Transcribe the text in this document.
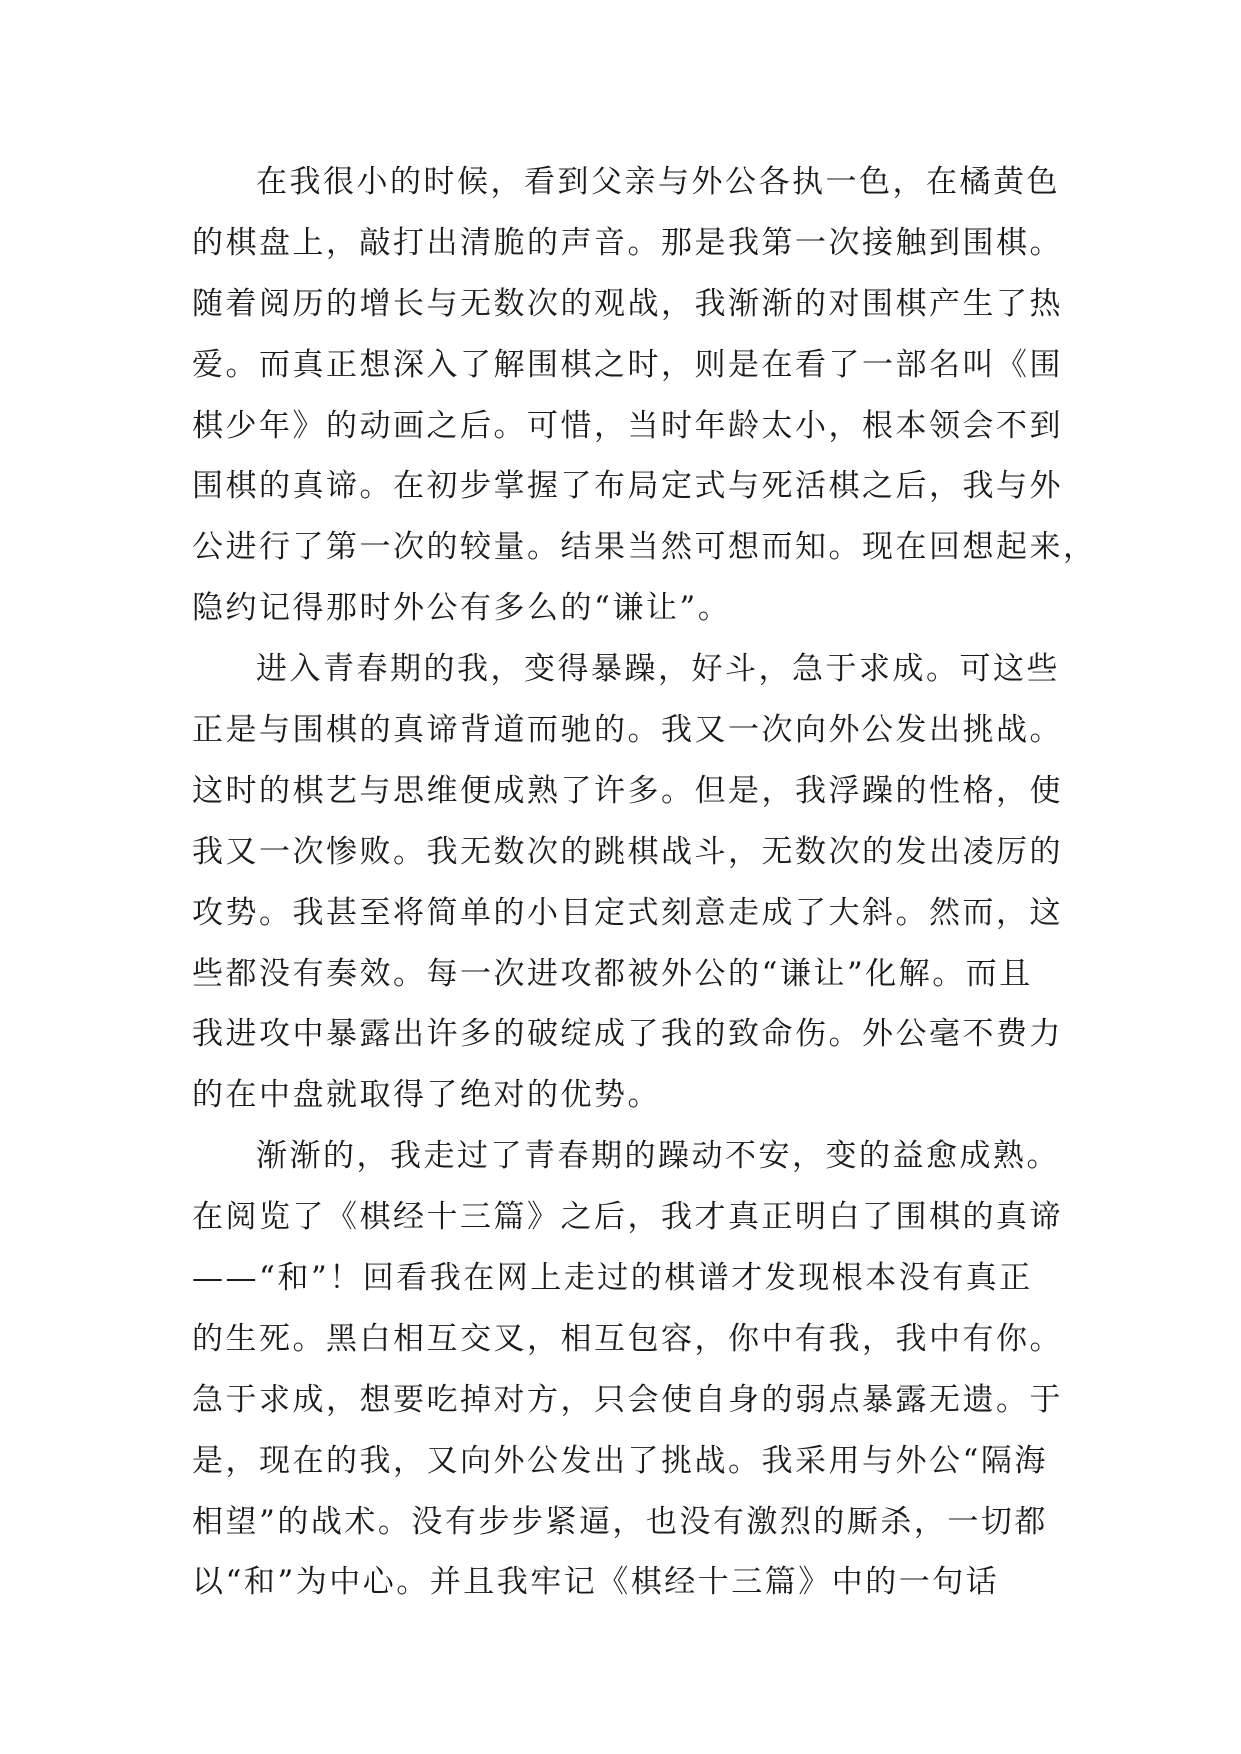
在我很小的时候，看到父亲与外公各执一色，在橘黄色
的棋盘上，敲打出清脆的声音。那是我第一次接触到围棋。
随着阅历的增长与无数次的观战，我渐渐的对围棋产生了热
爱。而真正想深入了解围棋之时，则是在看了一部名叫《围
棋少年》的动画之后。可惜，当时年龄太小，根本领会不到
围棋的真谛。在初步掌握了布局定式与死活棋之后，我与外
公进行了第一次的较量。结果当然可想而知。现在回想起来，
隐约记得那时外公有多么的“谦让”。
进入青春期的我，变得暴躁，好斗，急于求成。可这些
正是与围棋的真谛背道而驰的。我又一次向外公发出挑战。
这时的棋艺与思维便成熟了许多。但是，我浮躁的性格，使
我又一次惨败。我无数次的跳棋战斗，无数次的发出凌厉的
攻势。我甚至将简单的小目定式刻意走成了大斜。然而，这
些都没有奏效。每一次进攻都被外公的“谦让”化解。而且
我进攻中暴露出许多的破绽成了我的致命伤。外公毫不费力
的在中盘就取得了绝对的优势。
渐渐的，我走过了青春期的躁动不安，变的益愈成熟。
在阅览了《棋经十三篇》之后，我才真正明白了围棋的真谛
——“和”！回看我在网上走过的棋谱才发现根本没有真正
的生死。黑白相互交叉，相互包容，你中有我，我中有你。
急于求成，想要吃掉对方，只会使自身的弱点暴露无遗。于
是，现在的我，又向外公发出了挑战。我采用与外公“隔海
相望”的战术。没有步步紧逼，也没有激烈的厮杀，一切都
以“和”为中心。并且我牢记《棋经十三篇》中的一句话
